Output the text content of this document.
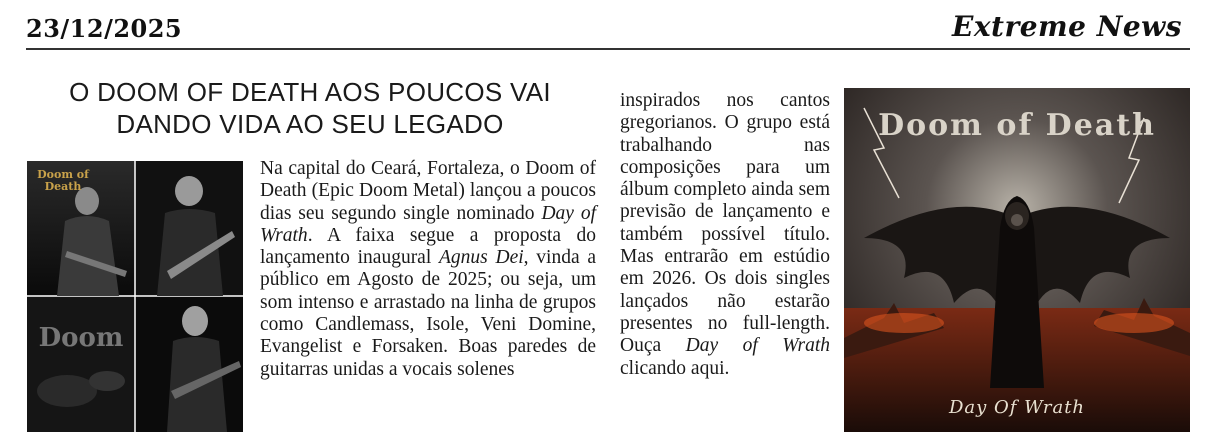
23/12/2025	Extreme News
O DOOM OF DEATH AOS POUCOS VAI
DANDO VIDA AO SEU LEGADO
Doom
Doom of Death

Na capital do Ceará, Fortaleza, o Doom of Death (Epic Doom Metal) lançou a poucos dias seu segundo single nominado Day of Wrath. A faixa segue a proposta do lançamento inaugural Agnus Dei, vinda a público em Agosto de 2025; ou seja, um som intenso e arrastado na linha de grupos como Candlemass, Isole, Veni Domine, Evangelist e Forsaken. Boas paredes de guitarras unidas a vocais solenes

inspirados nos cantos gregorianos. O grupo está trabalhando nas composições para um álbum completo ainda sem previsão de lançamento e também possível título. Mas entrarão em estúdio em 2026. Os dois singles lançados não estarão presentes no full-length. Ouça Day of Wrath clicando aqui.

Doom of Death
Day Of Wrath
